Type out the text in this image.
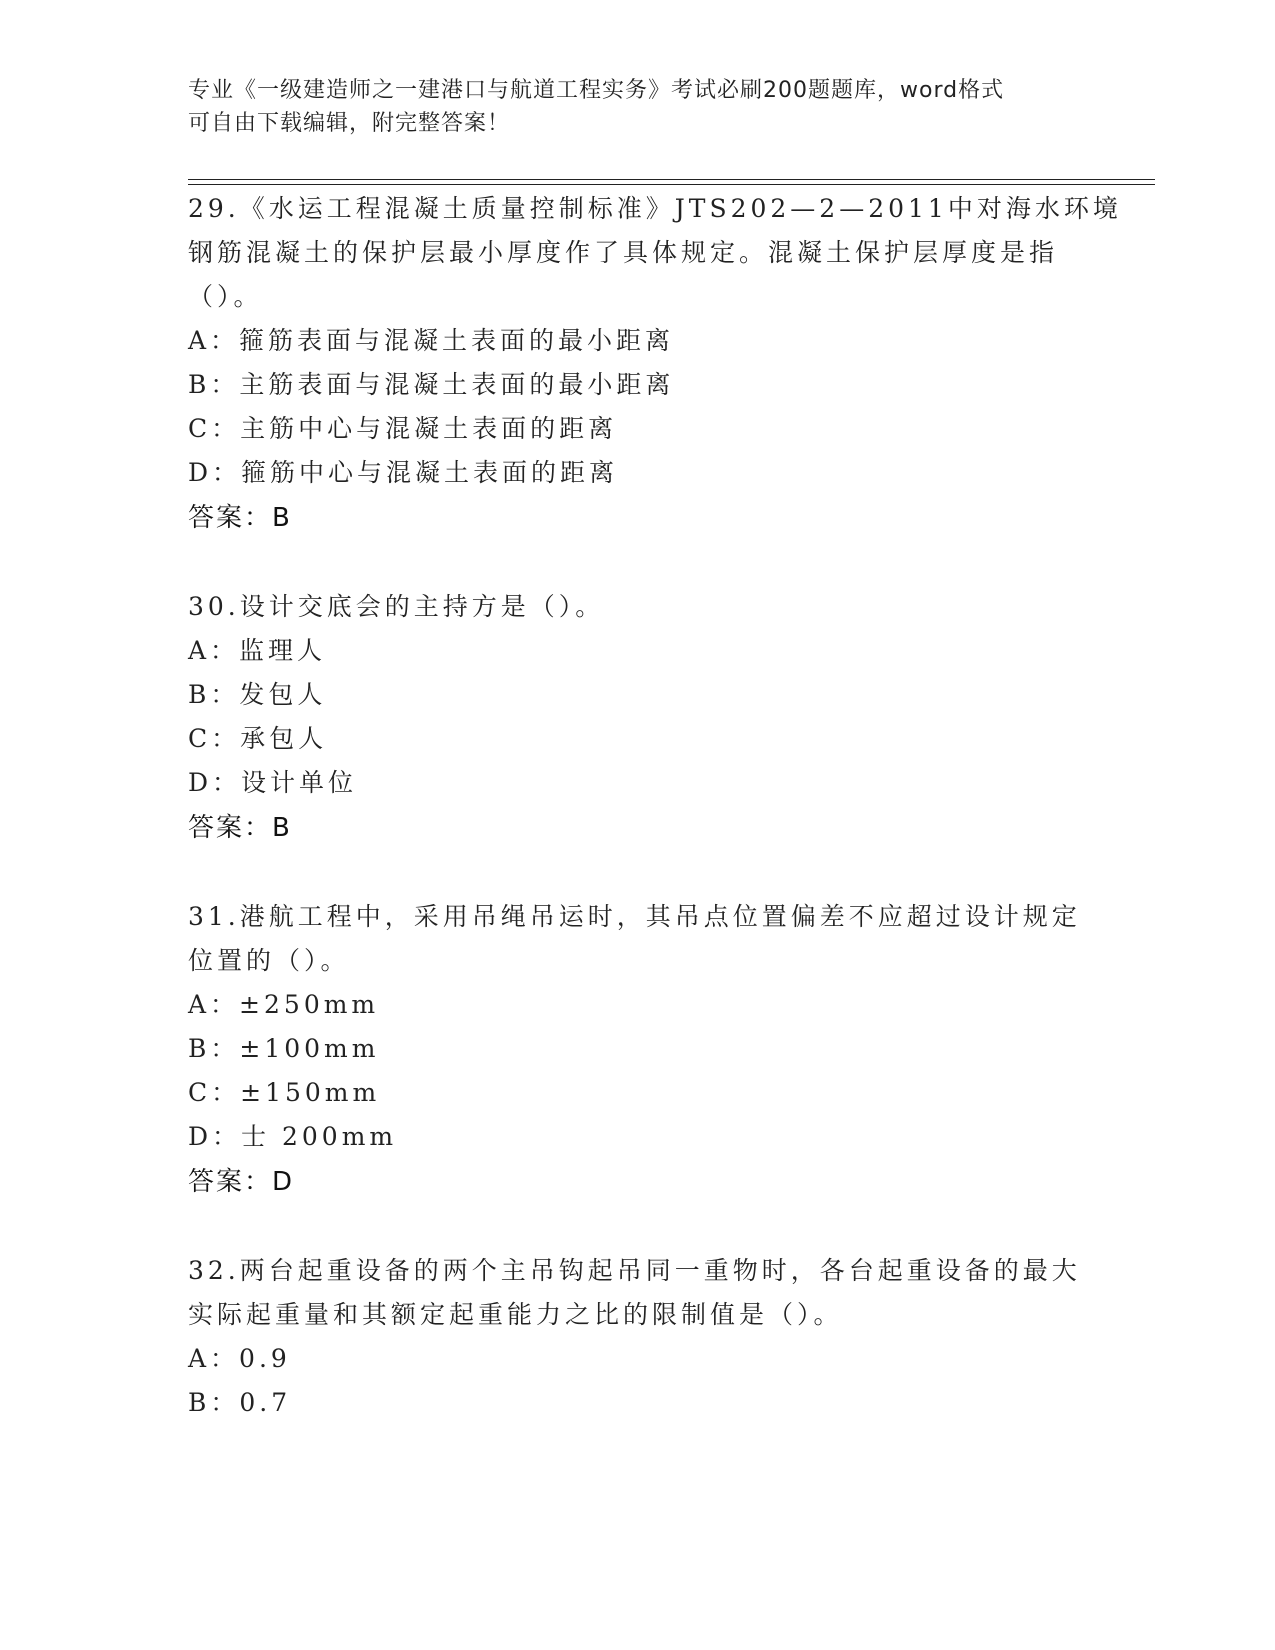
专业《一级建造师之一建港口与航道工程实务》考试必刷200题题库，word格式
可自由下载编辑，附完整答案！
29.《水运工程混凝土质量控制标准》JTS202—2—2011中对海水环境
钢筋混凝土的保护层最小厚度作了具体规定。混凝土保护层厚度是指
（）。
A：箍筋表面与混凝土表面的最小距离
B：主筋表面与混凝土表面的最小距离
C：主筋中心与混凝土表面的距离
D：箍筋中心与混凝土表面的距离
答案：B
30.设计交底会的主持方是（）。
A：监理人
B：发包人
C：承包人
D：设计单位
答案：B
31.港航工程中，采用吊绳吊运时，其吊点位置偏差不应超过设计规定
位置的（）。
A：±250mm
B：±100mm
C：±150mm
D：士 200mm
答案：D
32.两台起重设备的两个主吊钩起吊同一重物时，各台起重设备的最大
实际起重量和其额定起重能力之比的限制值是（）。
A：0.9
B：0.7
